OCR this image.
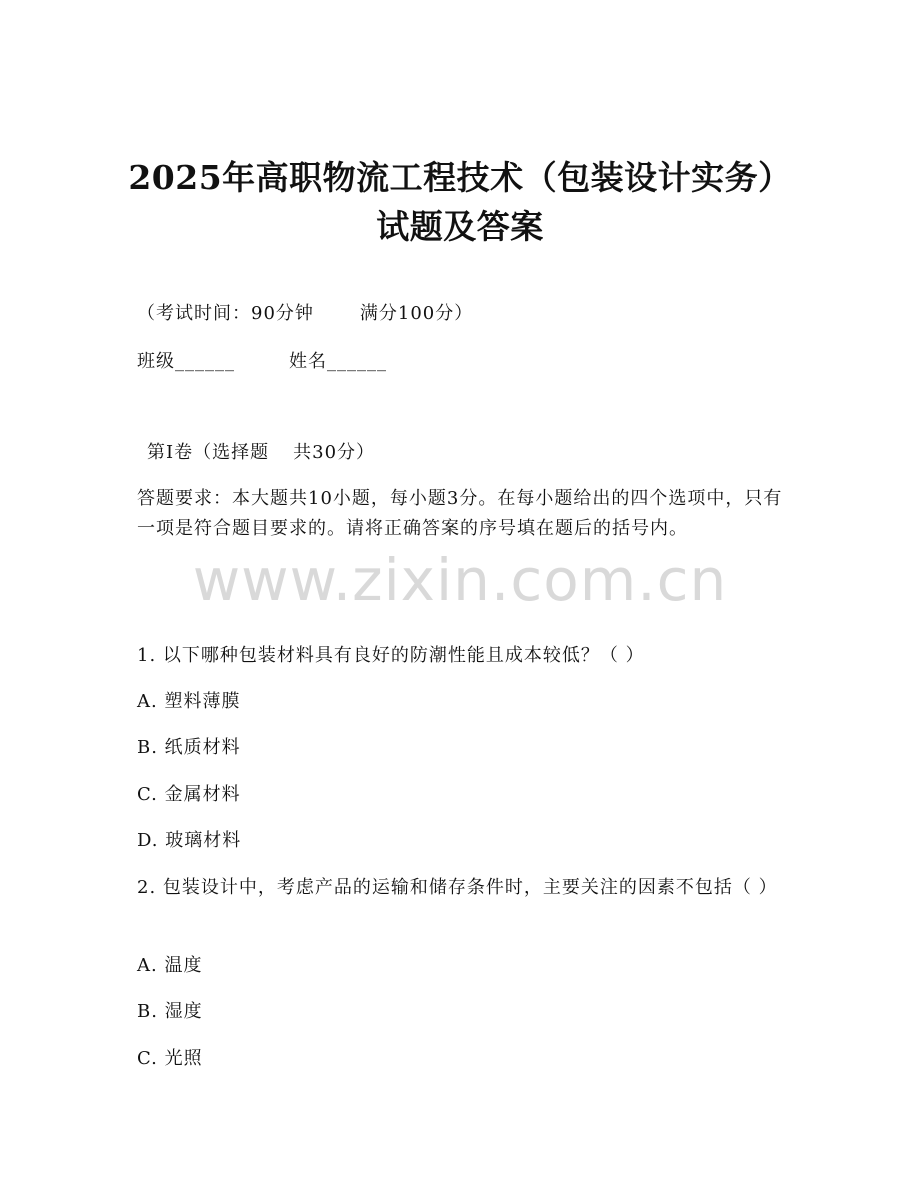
2025年高职物流工程技术（包装设计实务）
试题及答案
（考试时间：90分钟	满分100分）
班级______	姓名______
第I卷（选择题 共30分）
答题要求：本大题共10小题，每小题3分。在每小题给出的四个选项中，只有一项是符合题目要求的。请将正确答案的序号填在题后的括号内。
www.zixin.com.cn
1. 以下哪种包装材料具有良好的防潮性能且成本较低？（ ）
A. 塑料薄膜
B. 纸质材料
C. 金属材料
D. 玻璃材料
2. 包装设计中，考虑产品的运输和储存条件时，主要关注的因素不包括（ ）
A. 温度
B. 湿度
C. 光照
